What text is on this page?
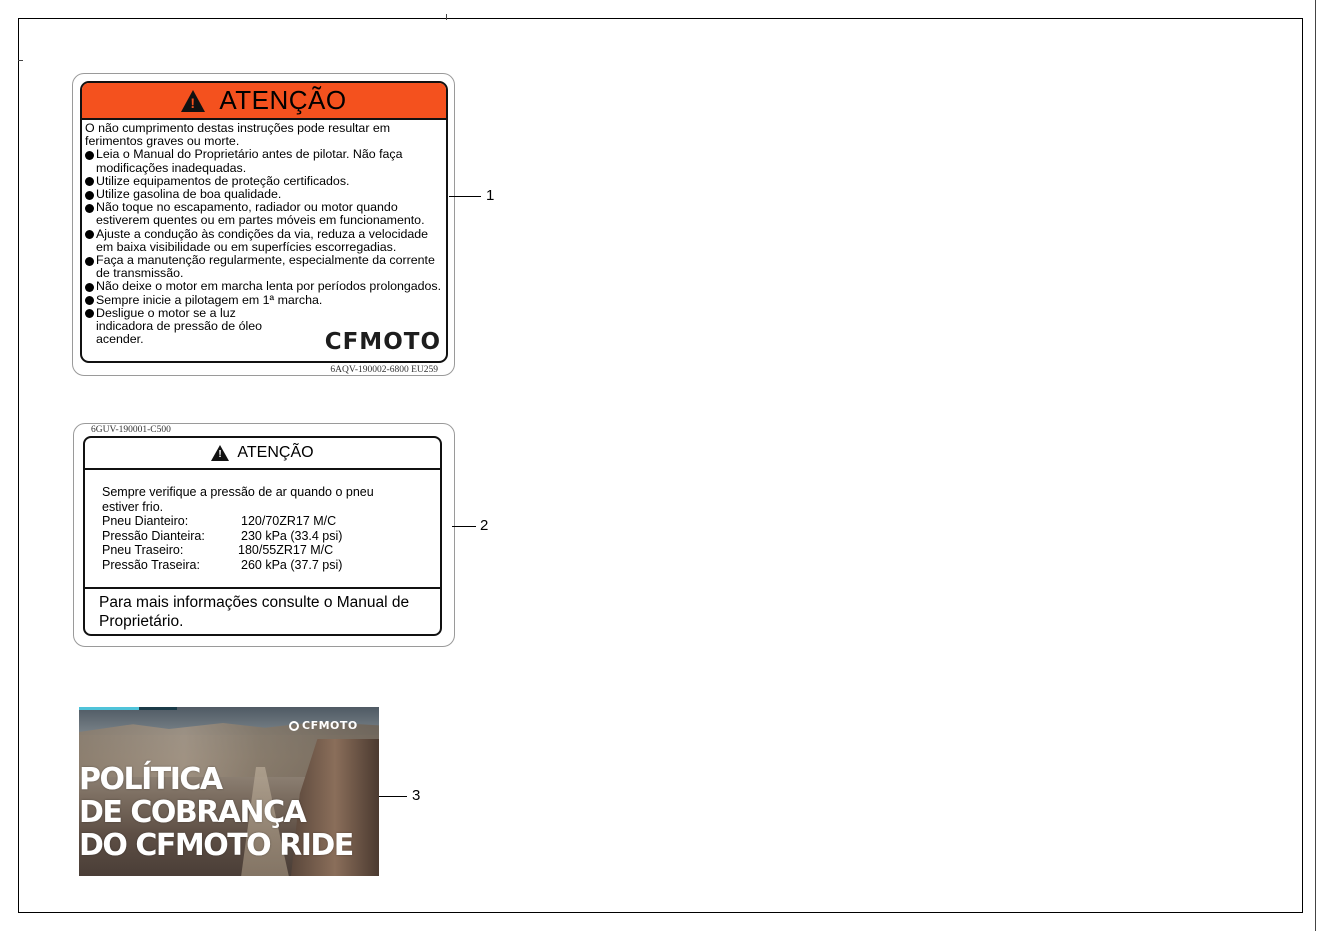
!
ATENÇÃO

O não cumprimento destas instruções pode resultar em ferimentos graves ou morte.

Leia o Manual do Proprietário antes de pilotar. Não faça modificações inadequadas.
Utilize equipamentos de proteção certificados.
Utilize gasolina de boa qualidade.
Não toque no escapamento, radiador ou motor quando estiverem quentes ou em partes móveis em funcionamento.
Ajuste a condução às condições da via, reduza a velocidade em baixa visibilidade ou em superfícies escorregadias.
Faça a manutenção regularmente, especialmente da corrente de transmissão.
Não deixe o motor em marcha lenta por períodos prolongados.
Sempre inicie a pilotagem em 1ª marcha.
Desligue o motor se a luz indicadora de pressão de óleo acender.	CFMOTO
6AQV-190002-6800 EU259
6GUV-190001-C500
!
ATENÇÃO

Sempre verifique a pressão de ar quando o pneu

estiver frio.

Pneu Dianteiro:	120/70ZR17 M/C
Pressão Dianteira:	230 kPa (33.4 psi)
Pneu Traseiro:	180/55ZR17 M/C
Pressão Traseira:	260 kPa (37.7 psi)
Para mais informações consulte o Manual de Proprietário.
CFMOTO
POLÍTICA
DE COBRANÇA
DO CFMOTO RIDE
1
2
3
